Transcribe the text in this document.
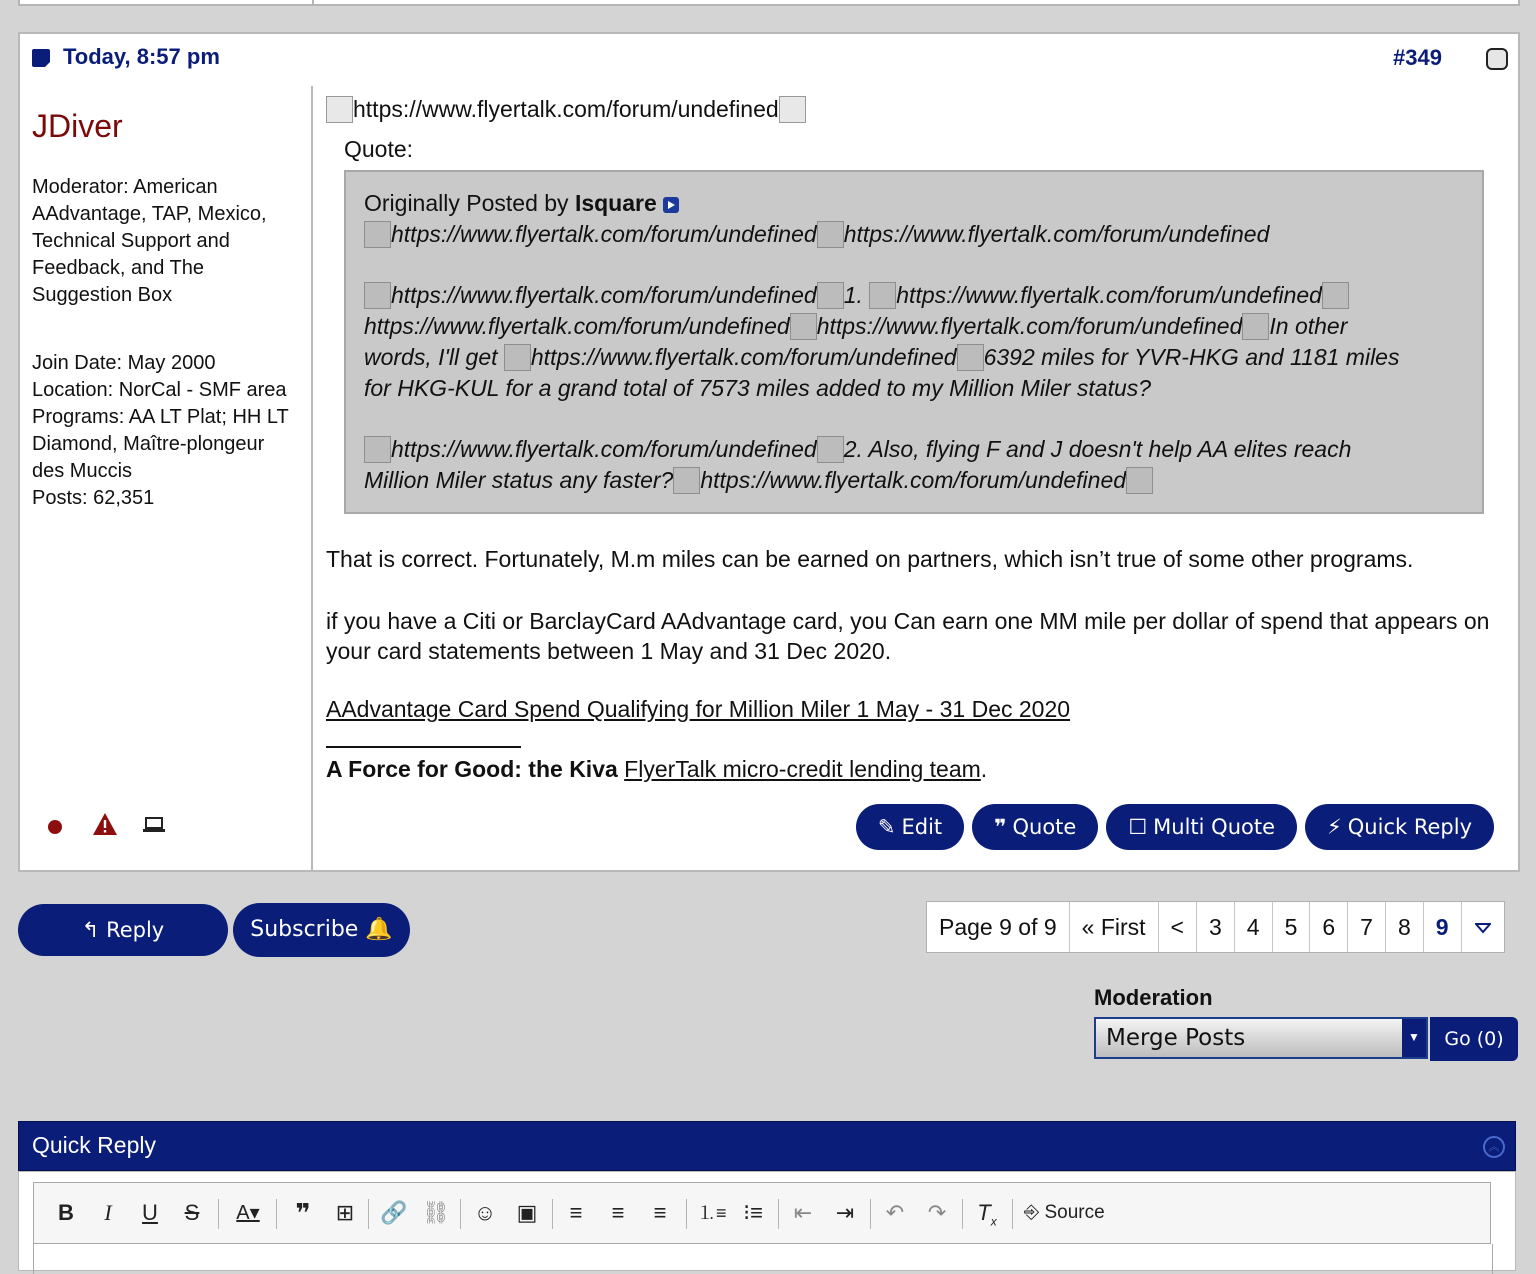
Today, 8:57 pm	#349
JDiver
Moderator: American AAdvantage, TAP, Mexico, Technical Support and Feedback, and The Suggestion Box
Join Date: May 2000
Location: NorCal - SMF area
Programs: AA LT Plat; HH LT Diamond, Maître-plongeur des Muccis
Posts: 62,351
https://www.flyertalk.com/forum/undefined
Quote:
Originally Posted by Isquare
https://www.flyertalk.com/forum/undefined https://www.flyertalk.com/forum/undefined
https://www.flyertalk.com/forum/undefined 1. https://www.flyertalk.com/forum/undefined
https://www.flyertalk.com/forum/undefined https://www.flyertalk.com/forum/undefined In other
words, I'll get https://www.flyertalk.com/forum/undefined 6392 miles for YVR-HKG and 1181 miles
for HKG-KUL for a grand total of 7573 miles added to my Million Miler status?
https://www.flyertalk.com/forum/undefined 2. Also, flying F and J doesn't help AA elites reach
Million Miler status any faster? https://www.flyertalk.com/forum/undefined
That is correct. Fortunately, M.m miles can be earned on partners, which isn’t true of some other programs.
if you have a Citi or BarclayCard AAdvantage card, you Can earn one MM mile per dollar of spend that appears on your card statements between 1 May and 31 Dec 2020.
AAdvantage Card Spend Qualifying for Million Miler 1 May - 31 Dec 2020
A Force for Good: the Kiva FlyerTalk micro-credit lending team.
✎ Edit ❞ Quote ☐ Multi Quote ⚡ Quick Reply
↰ Reply	Subscribe 🔔	Page 9 of 9	« First	<	3	4	5	6	7	8	9
Moderation
Merge Posts	▼	Go (0)
Quick Reply	︽
B I U S	A▾ ❞ ⊞ 🔗 ⛓ ☺ ▣ ≡ ≡ ≡	⒈≡ ⁝≡ ⇤ ⇥ ↶ ↷ $T_x$ ⎆ Source
